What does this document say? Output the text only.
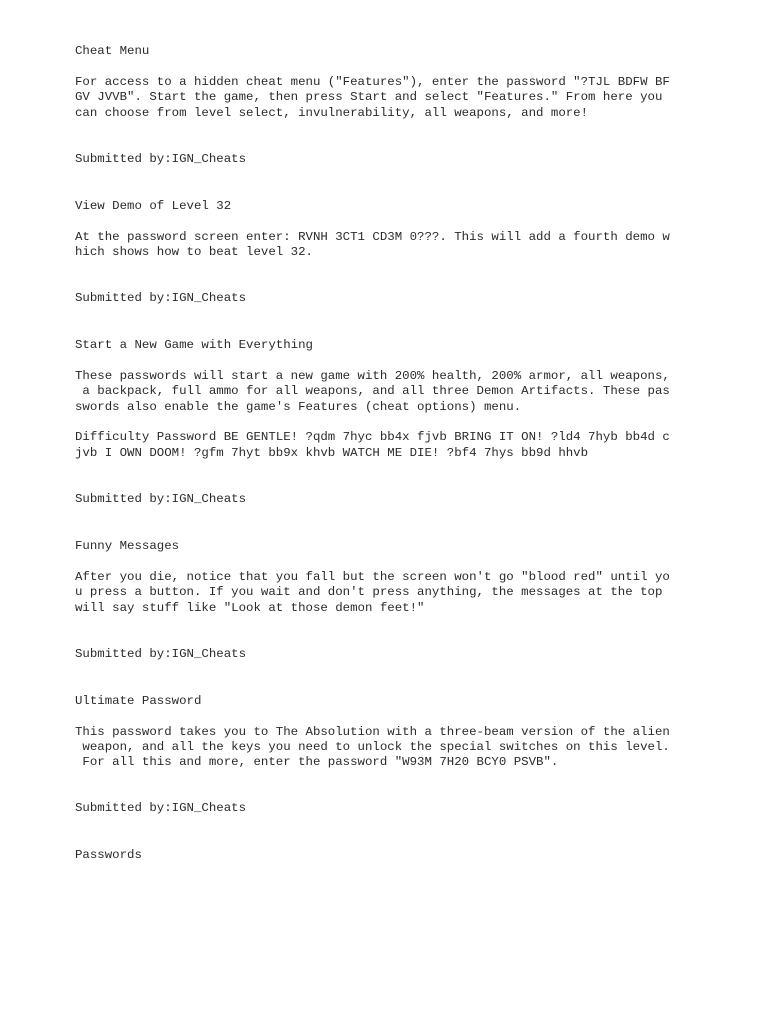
Cheat Menu
For access to a hidden cheat menu ("Features"), enter the password "?TJL BDFW BF
GV JVVB". Start the game, then press Start and select "Features." From here you
can choose from level select, invulnerability, all weapons, and more!
Submitted by:IGN_Cheats
View Demo of Level 32
At the password screen enter: RVNH 3CT1 CD3M 0???. This will add a fourth demo w
hich shows how to beat level 32.
Submitted by:IGN_Cheats
Start a New Game with Everything
These passwords will start a new game with 200% health, 200% armor, all weapons,
a backpack, full ammo for all weapons, and all three Demon Artifacts. These pas
swords also enable the game's Features (cheat options) menu.
Difficulty Password BE GENTLE! ?qdm 7hyc bb4x fjvb BRING IT ON! ?ld4 7hyb bb4d c
jvb I OWN DOOM! ?gfm 7hyt bb9x khvb WATCH ME DIE! ?bf4 7hys bb9d hhvb
Submitted by:IGN_Cheats
Funny Messages
After you die, notice that you fall but the screen won't go "blood red" until yo
u press a button. If you wait and don't press anything, the messages at the top
will say stuff like "Look at those demon feet!"
Submitted by:IGN_Cheats
Ultimate Password
This password takes you to The Absolution with a three-beam version of the alien
weapon, and all the keys you need to unlock the special switches on this level.
For all this and more, enter the password "W93M 7H20 BCY0 PSVB".
Submitted by:IGN_Cheats
Passwords
